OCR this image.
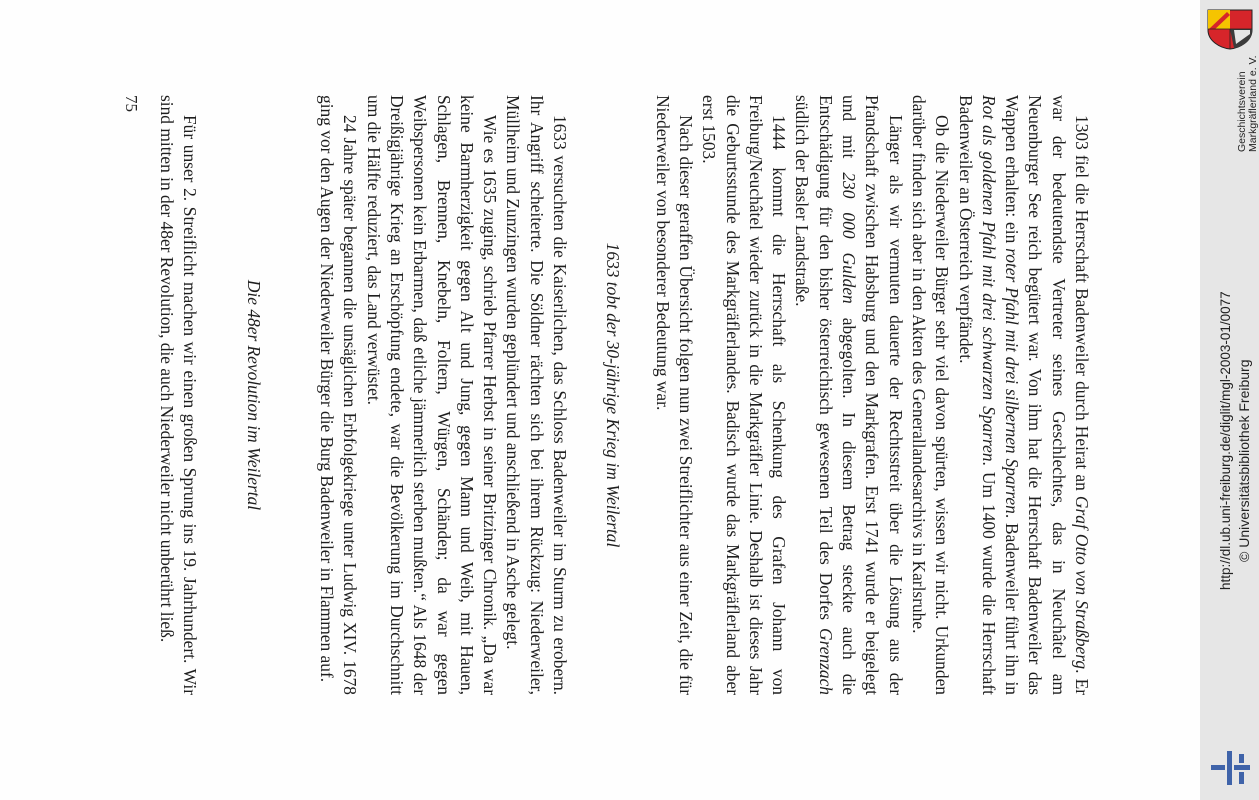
1303 fiel die Herrschaft Badenweiler durch Heirat an Graf Otto von Straßberg. Er war der bedeutendste Vertreter seines Geschlechtes, das in Neuchâtel am Neuenburger See reich begütert war. Von ihm hat die Herrschaft Badenweiler das Wappen erhalten: ein roter Pfahl mit drei silbernen Sparren. Badenweiler führt ihn in Rot als goldenen Pfahl mit drei schwarzen Sparren. Um 1400 wurde die Herrschaft Badenweiler an Österreich verpfändet.

Ob die Niederweiler Bürger sehr viel davon spürten, wissen wir nicht. Urkunden darüber finden sich aber in den Akten des Generallandesarchivs in Karlsruhe.

Länger als wir vermuten dauerte der Rechtsstreit über die Lösung aus der Pfandschaft zwischen Habsburg und den Markgrafen. Erst 1741 wurde er beigelegt und mit 230 000 Gulden abgegolten. In diesem Betrag steckte auch die Entschädigung für den bisher österreichisch gewesenen Teil des Dorfes Grenzach südlich der Basler Landstraße.

1444 kommt die Herrschaft als Schenkung des Grafen Johann von Freiburg/Neuchâtel wieder zurück in die Markgräfler Linie. Deshalb ist dieses Jahr die Geburtsstunde des Markgräflerlandes. Badisch wurde das Markgräflerland aber erst 1503.

Nach dieser geraffen Übersicht folgen nun zwei Streiflichter aus einer Zeit, die für Niederweiler von besonderer Bedeutung war.

1633 tobt der 30-jährige Krieg im Weilertal

1633 versuchten die Kaiserlichen, das Schloss Badenweiler im Sturm zu erobern. Ihr Angriff scheiterte. Die Söldner rächten sich bei ihrem Rückzug: Niederweiler, Müllheim und Zunzingen wurden geplündert und anschließend in Asche gelegt.

Wie es 1635 zuging, schrieb Pfarrer Herbst in seiner Britzinger Chronik. „Da war keine Barmherzigkeit gegen Alt und Jung, gegen Mann und Weib, mit Hauen, Schlagen, Brennen, Knebeln, Foltern, Würgen, Schänden; da war gegen Weibspersonen kein Erbarmen, daß etliche jämmerlich sterben mußten.“ Als 1648 der Dreißigjährige Krieg an Erschöpfung endete, war die Bevölkerung im Durchschnitt um die Hälfte reduziert, das Land verwüstet.

24 Jahre später begannen die unsäglichen Erbfolgekriege unter Ludwig XIV. 1678 ging vor den Augen der Niederweiler Bürger die Burg Badenweiler in Flammen auf.

Die 48er Revolution im Weilertal

Für unser 2. Streiflicht machen wir einen großen Sprung ins 19. Jahrhundert. Wir sind mitten in der 48er Revolution, die auch Niederweiler nicht unberührt ließ.

75	Geschichtsverein Markgräflerland e. V.
http://dl.ub.uni-freiburg.de/diglit/mgl-2003-01/0077 © Universitätsbibliothek Freiburg
